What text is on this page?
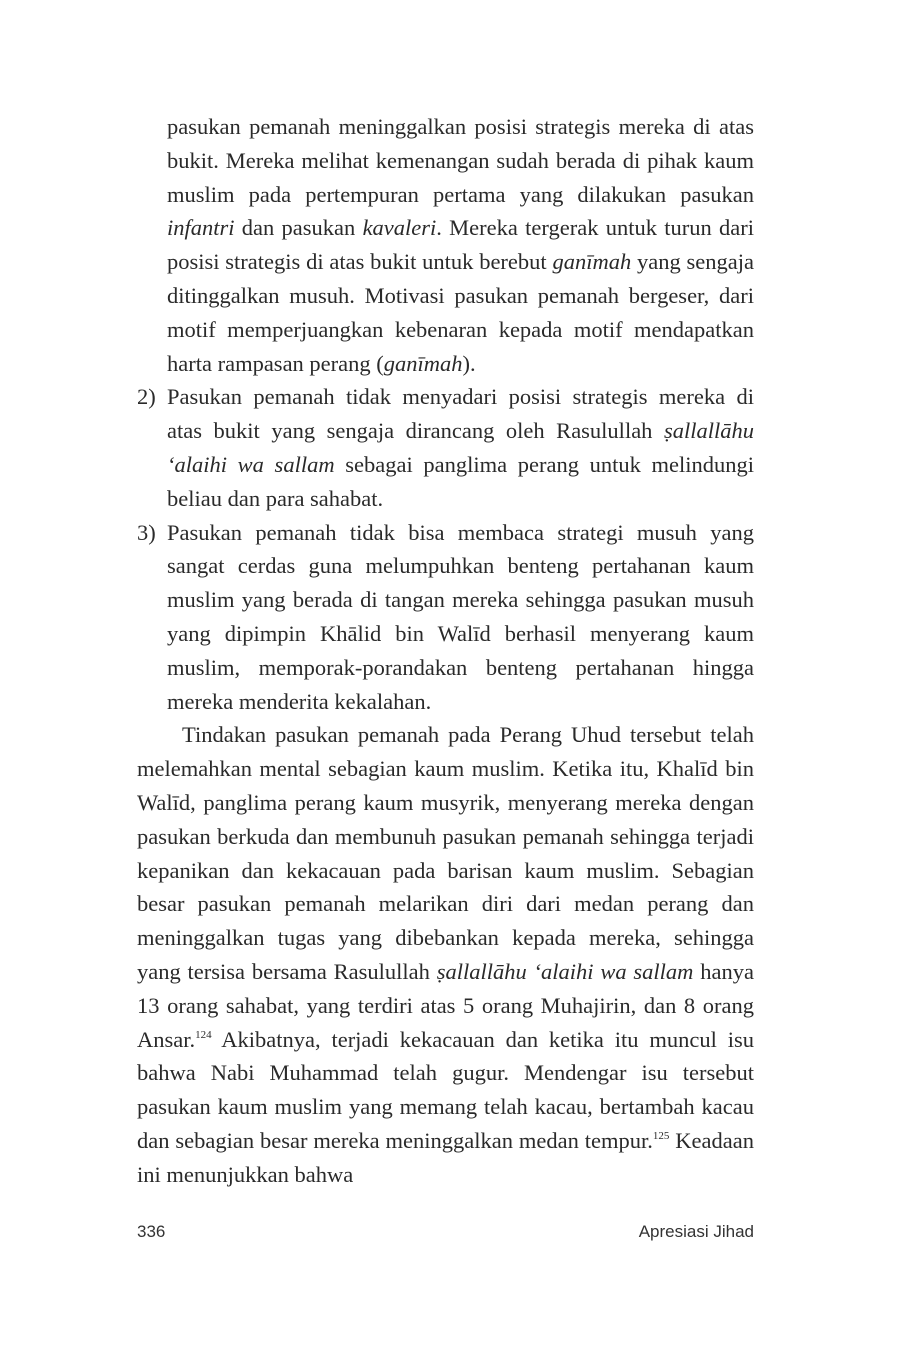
pasukan pemanah meninggalkan posisi strategis mereka di atas bukit. Mereka melihat kemenangan sudah berada di pihak kaum muslim pada pertempuran pertama yang dilakukan pasukan infantri dan pasukan kavaleri. Mereka tergerak untuk turun dari posisi strategis di atas bukit untuk berebut ganīmah yang sengaja ditinggalkan musuh. Motivasi pasukan pemanah bergeser, dari motif memperjuangkan kebenaran kepada motif mendapatkan harta rampasan perang (ganīmah).

2) Pasukan pemanah tidak menyadari posisi strategis mereka di atas bukit yang sengaja dirancang oleh Rasulullah ṣallallāhu ‘alaihi wa sallam sebagai panglima perang untuk melindungi beliau dan para sahabat.

3) Pasukan pemanah tidak bisa membaca strategi musuh yang sangat cerdas guna melumpuhkan benteng pertahanan kaum muslim yang berada di tangan mereka sehingga pasukan musuh yang dipimpin Khālid bin Walīd berhasil menyerang kaum muslim, memporak-porandakan benteng pertahanan hingga mereka menderita kekalahan.

Tindakan pasukan pemanah pada Perang Uhud tersebut telah melemahkan mental sebagian kaum muslim. Ketika itu, Khalīd bin Walīd, panglima perang kaum musyrik, menyerang mereka dengan pasukan berkuda dan membunuh pasukan pemanah sehingga terjadi kepanikan dan kekacauan pada barisan kaum muslim. Sebagian besar pasukan pemanah melarikan diri dari medan perang dan meninggalkan tugas yang dibebankan kepada mereka, sehingga yang tersisa bersama Rasulullah ṣallallāhu ‘alaihi wa sallam hanya 13 orang sahabat, yang terdiri atas 5 orang Muhajirin, dan 8 orang Ansar.$^{124}$ Akibatnya, terjadi kekacauan dan ketika itu muncul isu bahwa Nabi Muhammad telah gugur. Mendengar isu tersebut pasukan kaum muslim yang memang telah kacau, bertambah kacau dan sebagian besar mereka meninggalkan medan tempur.$^{125}$ Keadaan ini menunjukkan bahwa

336	Apresiasi Jihad
